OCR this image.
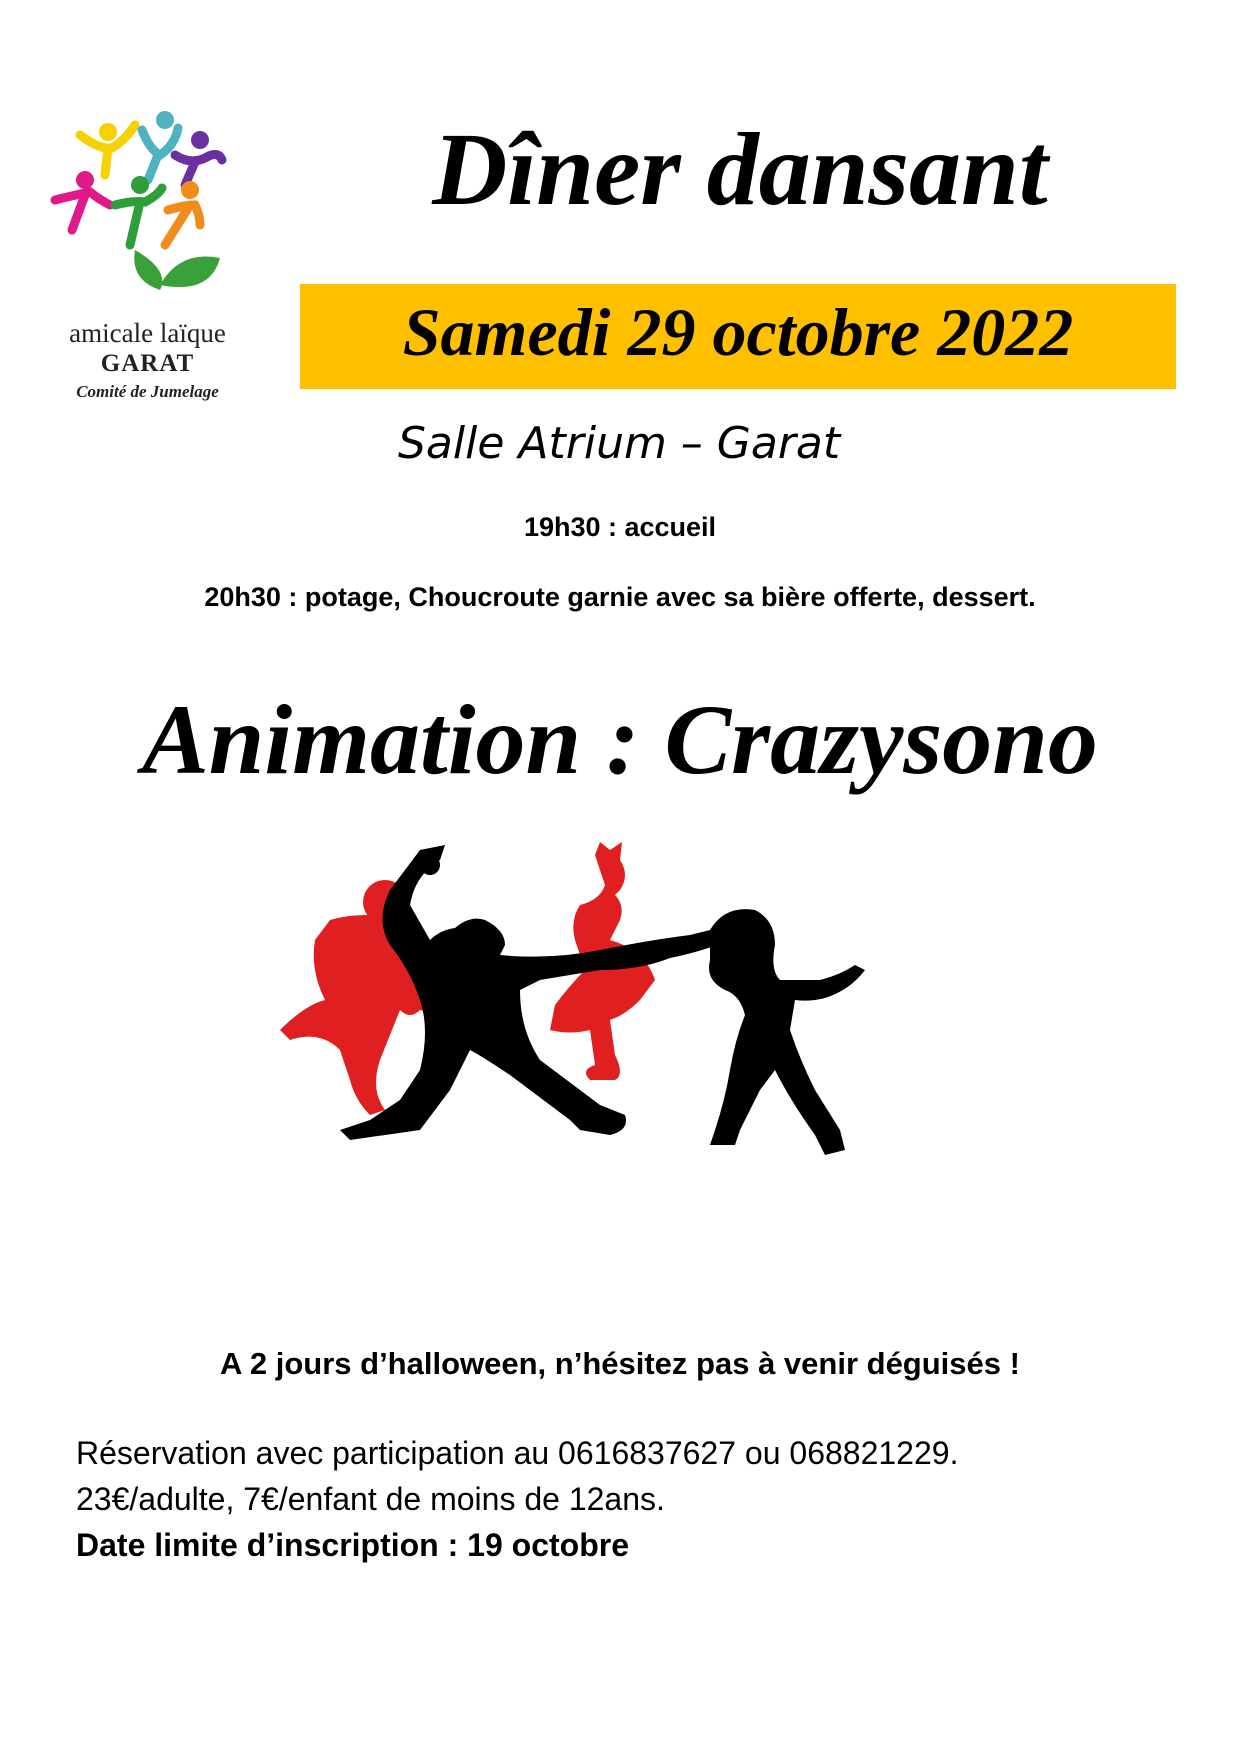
amicale laïque
GARAT
Comité de Jumelage
Dîner dansant
Samedi 29 octobre 2022
Salle Atrium – Garat
19h30 : accueil
20h30 : potage, Choucroute garnie avec sa bière offerte, dessert.
Animation : Crazysono
A 2 jours d’halloween, n’hésitez pas à venir déguisés !
Réservation avec participation au 0616837627 ou 068821229.
23€/adulte, 7€/enfant de moins de 12ans.
Date limite d’inscription : 19 octobre
